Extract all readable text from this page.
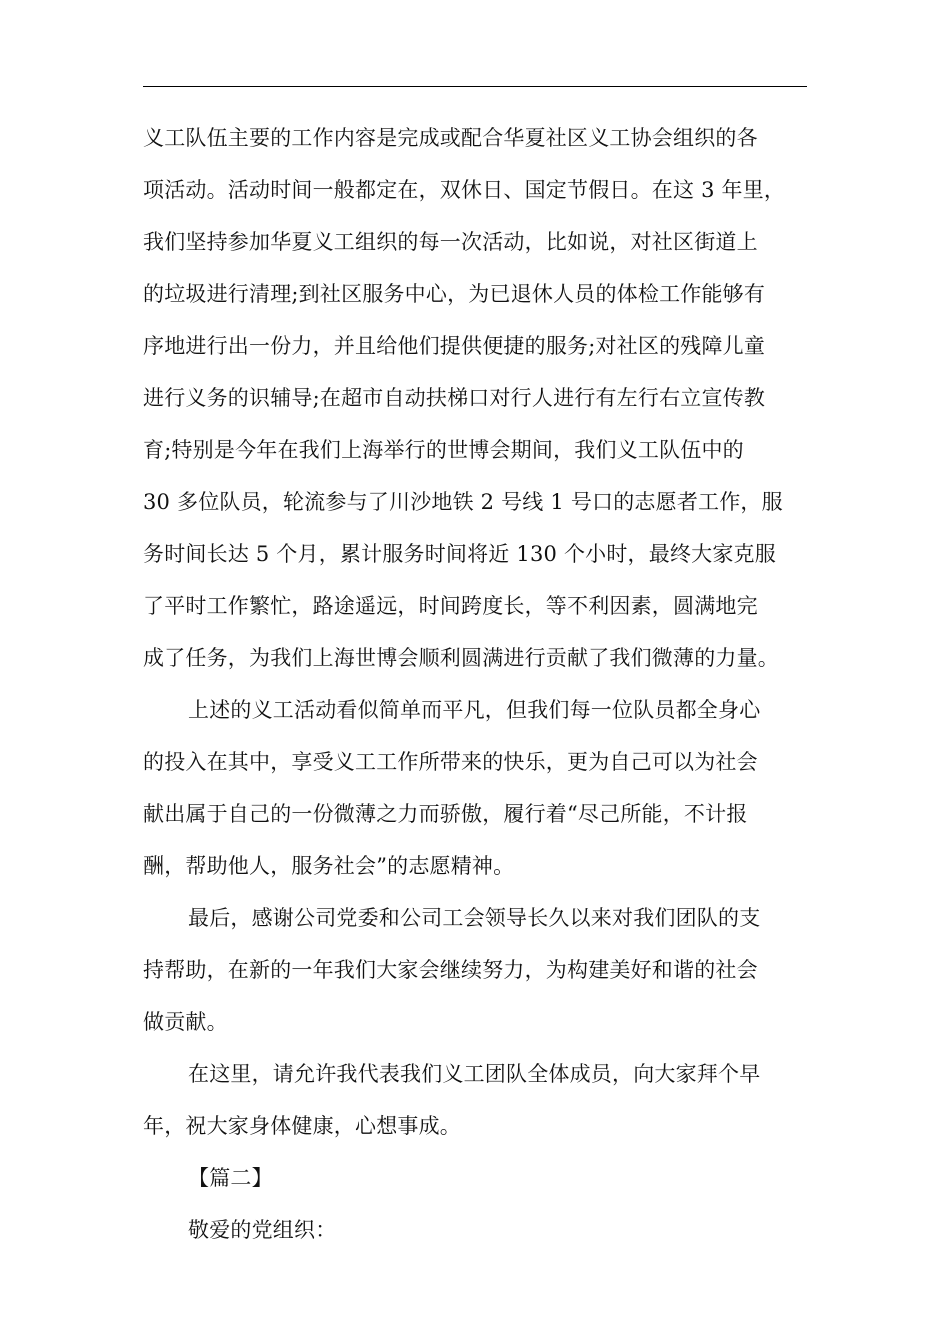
义工队伍主要的工作内容是完成或配合华夏社区义工协会组织的各
项活动。活动时间一般都定在，双休日、国定节假日。在这 3 年里，
我们坚持参加华夏义工组织的每一次活动，比如说，对社区街道上
的垃圾进行清理;到社区服务中心，为已退休人员的体检工作能够有
序地进行出一份力，并且给他们提供便捷的服务;对社区的残障儿童
进行义务的识辅导;在超市自动扶梯口对行人进行有左行右立宣传教
育;特别是今年在我们上海举行的世博会期间，我们义工队伍中的
30 多位队员，轮流参与了川沙地铁 2 号线 1 号口的志愿者工作，服
务时间长达 5 个月，累计服务时间将近 130 个小时，最终大家克服
了平时工作繁忙，路途遥远，时间跨度长，等不利因素，圆满地完
成了任务，为我们上海世博会顺利圆满进行贡献了我们微薄的力量。
上述的义工活动看似简单而平凡，但我们每一位队员都全身心
的投入在其中，享受义工工作所带来的快乐，更为自己可以为社会
献出属于自己的一份微薄之力而骄傲，履行着“尽己所能，不计报
酬，帮助他人，服务社会”的志愿精神。
最后，感谢公司党委和公司工会领导长久以来对我们团队的支
持帮助，在新的一年我们大家会继续努力，为构建美好和谐的社会
做贡献。
在这里，请允许我代表我们义工团队全体成员，向大家拜个早
年，祝大家身体健康，心想事成。
【篇二】
敬爱的党组织：
